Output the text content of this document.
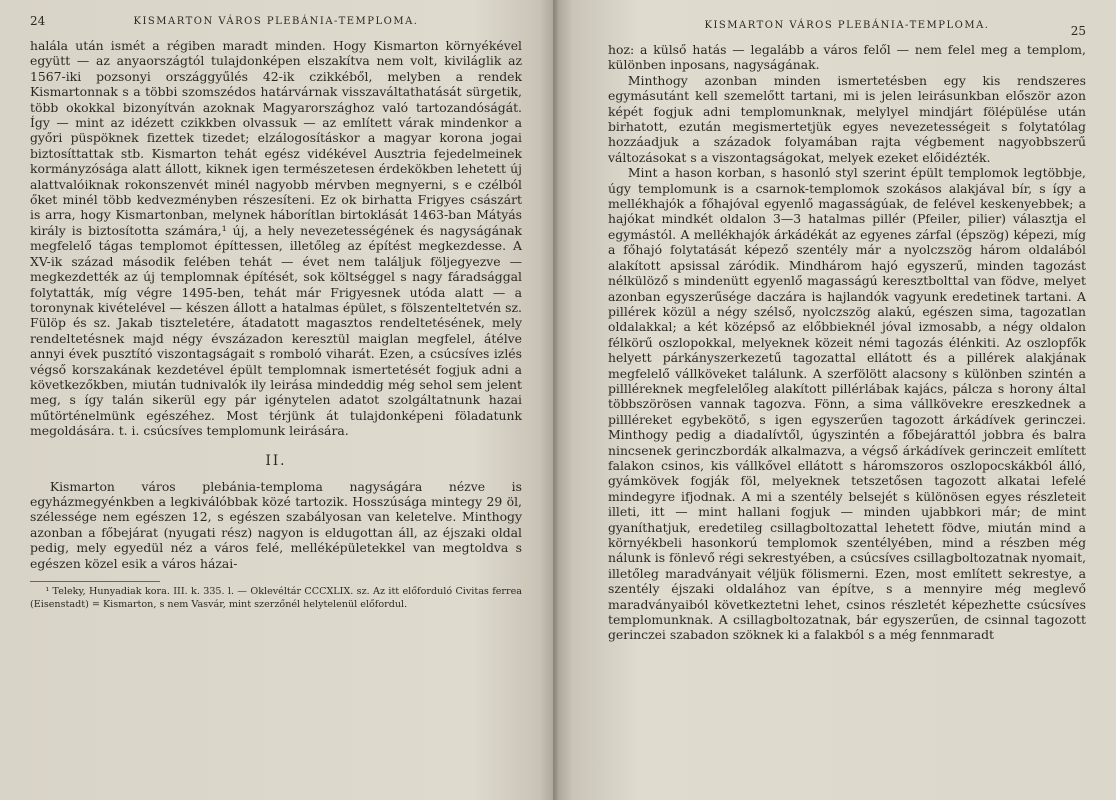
24	KISMARTON VÁROS PLEBÁNIA-TEMPLOMA.

halála után ismét a régiben maradt minden. Hogy Kismarton környékével együtt — az anyaországtól tulajdonképen elszakítva nem volt, kiviláglik az 1567-iki pozsonyi országgyűlés 42-ik czikkéből, melyben a rendek Kismartonnak s a többi szomszédos határvárnak visszaváltathatását sürgetik, több okokkal bizonyítván azoknak Magyarországhoz való tartozandóságát. Így — mint az idézett czikkben olvassuk — az említett várak mindenkor a győri püspöknek fizettek tizedet; elzálogosításkor a magyar korona jogai biztosíttattak stb. Kismarton tehát egész vidékével Ausztria fejedelmeinek kormányzósága alatt állott, kiknek igen természetesen érdekökben lehetett új alattvalóiknak rokonszenvét minél nagyobb mérvben megnyerni, s e czélból őket minél több kedvezményben részesíteni. Ez ok birhatta Frigyes császárt is arra, hogy Kismartonban, melynek háborítlan birtoklását 1463-ban Mátyás király is biztosította számára,¹ új, a hely nevezetességének és nagyságának megfelelő tágas templomot építtessen, illetőleg az építést megkezdesse. A XV-ik század második felében tehát — évet nem találjuk följegyezve — megkezdették az új templomnak építését, sok költséggel s nagy fáradsággal folytatták, míg végre 1495-ben, tehát már Frigyesnek utóda alatt — a toronynak kivételével — készen állott a hatalmas épület, s fölszenteltetvén sz. Fülöp és sz. Jakab tiszteletére, átadatott magasztos rendeltetésének, mely rendeltetésnek majd négy évszázadon keresztül maiglan megfelel, átélve annyi évek pusztító viszontagságait s romboló viharát. Ezen, a csúcsíves izlés végső korszakának kezdetével épült templomnak ismertetését fogjuk adni a következőkben, miután tudnivalók ily leirása mindeddig még sehol sem jelent meg, s így talán sikerül egy pár igénytelen adatot szolgáltatnunk hazai műtörténelmünk egészéhez. Most térjünk át tulajdonképeni föladatunk megoldására. t. i. csúcsíves templomunk leirására.

II.

Kismarton város plebánia-temploma nagyságára nézve is egyházmegyénkben a legkiválóbbak közé tartozik. Hosszúsága mintegy 29 öl, szélessége nem egészen 12, s egészen szabályosan van keletelve. Minthogy azonban a főbejárat (nyugati rész) nagyon is eldugottan áll, az éjszaki oldal pedig, mely egyedül néz a város felé, melléképületekkel van megtoldva s egészen közel esik a város házai-

¹ Teleky, Hunyadiak kora. III. k. 335. l. — Oklevéltár CCCXLIX. sz. Az itt előforduló Civitas ferrea (Eisenstadt) = Kismarton, s nem Vasvár, mint szerzőnél helytelenül előfordul.

KISMARTON VÁROS PLEBÁNIA-TEMPLOMA.	25

hoz: a külső hatás — legalább a város felől — nem felel meg a templom, különben inposans, nagyságának.

Minthogy azonban minden ismertetésben egy kis rendszeres egymásutánt kell szemelőtt tartani, mi is jelen leirásunkban először azon képét fogjuk adni templomunknak, melylyel mindjárt fölépülése után birhatott, ezután megismertetjük egyes nevezetességeit s folytatólag hozzáadjuk a századok folyamában rajta végbement nagyobbszerű változásokat s a viszontagságokat, melyek ezeket előidézték.

Mint a hason korban, s hasonló styl szerint épült templomok legtöbbje, úgy templomunk is a csarnok-templomok szokásos alakjával bír, s így a mellékhajók a főhajóval egyenlő magasságúak, de felével keskenyebbek; a hajókat mindkét oldalon 3—3 hatalmas pillér (Pfeiler, pilier) választja el egymástól. A mellékhajók árkádékát az egyenes zárfal (épszög) képezi, míg a főhajó folytatását képező szentély már a nyolczszög három oldalából alakított apsissal záródik. Mindhárom hajó egyszerű, minden tagozást nélkülöző s mindenütt egyenlő magasságú keresztbolttal van födve, melyet azonban egyszerűsége daczára is hajlandók vagyunk eredetinek tartani. A pillérek közül a négy szélső, nyolczszög alakú, egészen sima, tagozatlan oldalakkal; a két középső az előbbieknél jóval izmosabb, a négy oldalon félkörű oszlopokkal, melyeknek közeit némi tagozás élénkiti. Az oszlopfők helyett párkányszerkezetű tagozattal ellátott és a pillérek alakjának megfelelő vállköveket találunk. A szerfölött alacsony s különben szintén a pillléreknek megfelelőleg alakított pillérlábak kajács, pálcza s horony által többszörösen vannak tagozva. Fönn, a sima vállkövekre ereszkednek a pillléreket egybekötő, s igen egyszerűen tagozott árkádívek gerinczei. Minthogy pedig a diadalívtől, úgyszintén a főbejárattól jobbra és balra nincsenek gerinczbordák alkalmazva, a végső árkádívek gerinczeit említett falakon csinos, kis vállkővel ellátott s háromszoros oszlopocskákból álló, gyámkövek fogják föl, melyeknek tetszetősen tagozott alkatai lefelé mindegyre ifjodnak. A mi a szentély belsejét s különösen egyes részleteit illeti, itt — mint hallani fogjuk — minden ujabbkori már; de mint gyaníthatjuk, eredetileg csillagboltozattal lehetett födve, miután mind a környékbeli hasonkorú templomok szentélyében, mind a részben még nálunk is fönlevő régi sekrestyében, a csúcsíves csillagboltozatnak nyomait, illetőleg maradványait véljük fölismerni. Ezen, most említett sekrestye, a szentély éjszaki oldalához van építve, s a mennyire még meglevő maradványaiból következtetni lehet, csinos részletét képezhette csúcsíves templomunknak. A csillagboltozatnak, bár egyszerűen, de csinnal tagozott gerinczei szabadon szöknek ki a falakból s a még fennmaradt
